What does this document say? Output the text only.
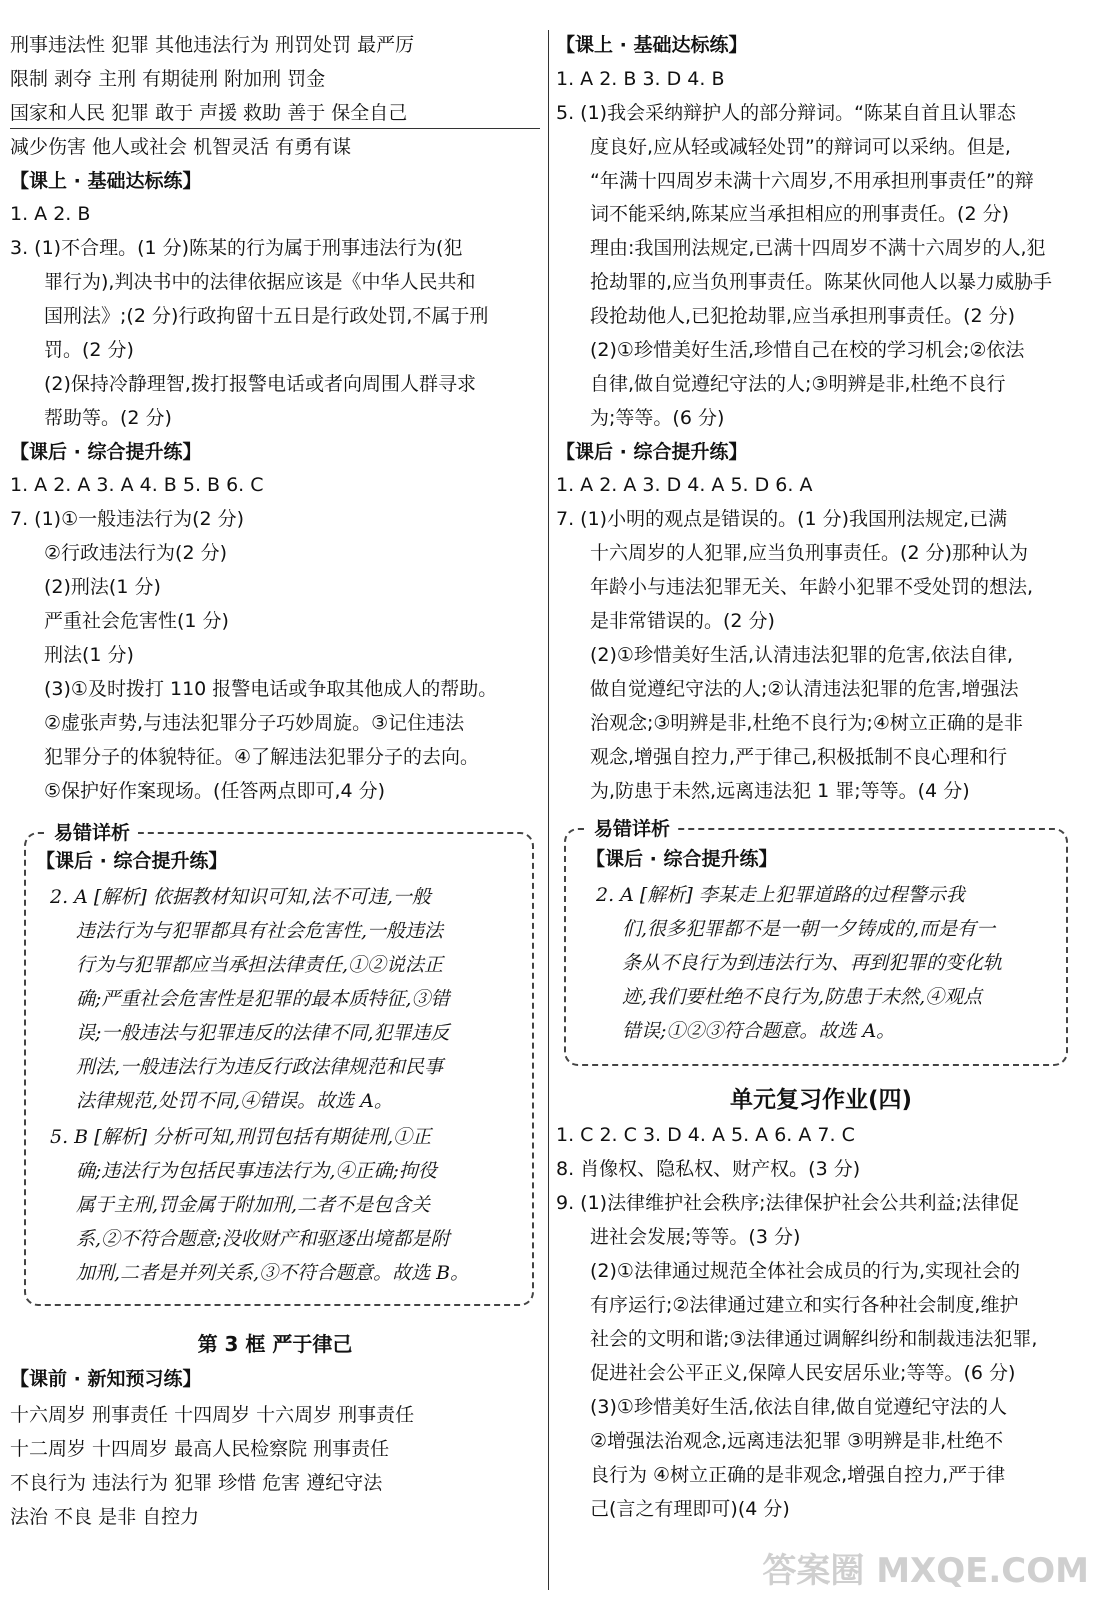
刑事违法性 犯罪 其他违法行为 刑罚处罚 最严厉
限制 剥夺 主刑 有期徒刑 附加刑 罚金
国家和人民 犯罪 敢于 声援 救助 善于 保全自己
减少伤害 他人或社会 机智灵活 有勇有谋
【课上 · 基础达标练】
1. A 2. B
3. (1)不合理。(1 分)陈某的行为属于刑事违法行为(犯
罪行为),判决书中的法律依据应该是《中华人民共和
国刑法》;(2 分)行政拘留十五日是行政处罚,不属于刑
罚。(2 分)
(2)保持冷静理智,拨打报警电话或者向周围人群寻求
帮助等。(2 分)
【课后 · 综合提升练】
1. A 2. A 3. A 4. B 5. B 6. C
7. (1)①一般违法行为(2 分)
②行政违法行为(2 分)
(2)刑法(1 分)
严重社会危害性(1 分)
刑法(1 分)
(3)①及时拨打 110 报警电话或争取其他成人的帮助。
②虚张声势,与违法犯罪分子巧妙周旋。③记住违法
犯罪分子的体貌特征。④了解违法犯罪分子的去向。
⑤保护好作案现场。(任答两点即可,4 分)
易错详析
【课后 · 综合提升练】
2. A [解析] 依据教材知识可知,法不可违,一般
违法行为与犯罪都具有社会危害性,一般违法
行为与犯罪都应当承担法律责任,①②说法正
确;严重社会危害性是犯罪的最本质特征,③错
误;一般违法与犯罪违反的法律不同,犯罪违反
刑法,一般违法行为违反行政法律规范和民事
法律规范,处罚不同,④错误。故选 A。
5. B [解析] 分析可知,刑罚包括有期徒刑,①正
确;违法行为包括民事违法行为,④正确;拘役
属于主刑,罚金属于附加刑,二者不是包含关
系,②不符合题意;没收财产和驱逐出境都是附
加刑,二者是并列关系,③不符合题意。故选 B。
第 3 框 严于律己
【课前 · 新知预习练】
十六周岁 刑事责任 十四周岁 十六周岁 刑事责任
十二周岁 十四周岁 最高人民检察院 刑事责任
不良行为 违法行为 犯罪 珍惜 危害 遵纪守法
法治 不良 是非 自控力
【课上 · 基础达标练】
1. A 2. B 3. D 4. B
5. (1)我会采纳辩护人的部分辩词。“陈某自首且认罪态
度良好,应从轻或减轻处罚”的辩词可以采纳。但是,
“年满十四周岁未满十六周岁,不用承担刑事责任”的辩
词不能采纳,陈某应当承担相应的刑事责任。(2 分)
理由:我国刑法规定,已满十四周岁不满十六周岁的人,犯
抢劫罪的,应当负刑事责任。陈某伙同他人以暴力威胁手
段抢劫他人,已犯抢劫罪,应当承担刑事责任。(2 分)
(2)①珍惜美好生活,珍惜自己在校的学习机会;②依法
自律,做自觉遵纪守法的人;③明辨是非,杜绝不良行
为;等等。(6 分)
【课后 · 综合提升练】
1. A 2. A 3. D 4. A 5. D 6. A
7. (1)小明的观点是错误的。(1 分)我国刑法规定,已满
十六周岁的人犯罪,应当负刑事责任。(2 分)那种认为
年龄小与违法犯罪无关、年龄小犯罪不受处罚的想法,
是非常错误的。(2 分)
(2)①珍惜美好生活,认清违法犯罪的危害,依法自律,
做自觉遵纪守法的人;②认清违法犯罪的危害,增强法
治观念;③明辨是非,杜绝不良行为;④树立正确的是非
观念,增强自控力,严于律己,积极抵制不良心理和行
为,防患于未然,远离违法犯 1 罪;等等。(4 分)
易错详析
【课后 · 综合提升练】
2. A [解析] 李某走上犯罪道路的过程警示我
们,很多犯罪都不是一朝一夕铸成的,而是有一
条从不良行为到违法行为、再到犯罪的变化轨
迹,我们要杜绝不良行为,防患于未然,④观点
错误;①②③符合题意。故选 A。
单元复习作业(四)
1. C 2. C 3. D 4. A 5. A 6. A 7. C
8. 肖像权、隐私权、财产权。(3 分)
9. (1)法律维护社会秩序;法律保护社会公共利益;法律促
进社会发展;等等。(3 分)
(2)①法律通过规范全体社会成员的行为,实现社会的
有序运行;②法律通过建立和实行各种社会制度,维护
社会的文明和谐;③法律通过调解纠纷和制裁违法犯罪,
促进社会公平正义,保障人民安居乐业;等等。(6 分)
(3)①珍惜美好生活,依法自律,做自觉遵纪守法的人
②增强法治观念,远离违法犯罪 ③明辨是非,杜绝不
良行为 ④树立正确的是非观念,增强自控力,严于律
己(言之有理即可)(4 分)
答案圈 MXQE.COM
